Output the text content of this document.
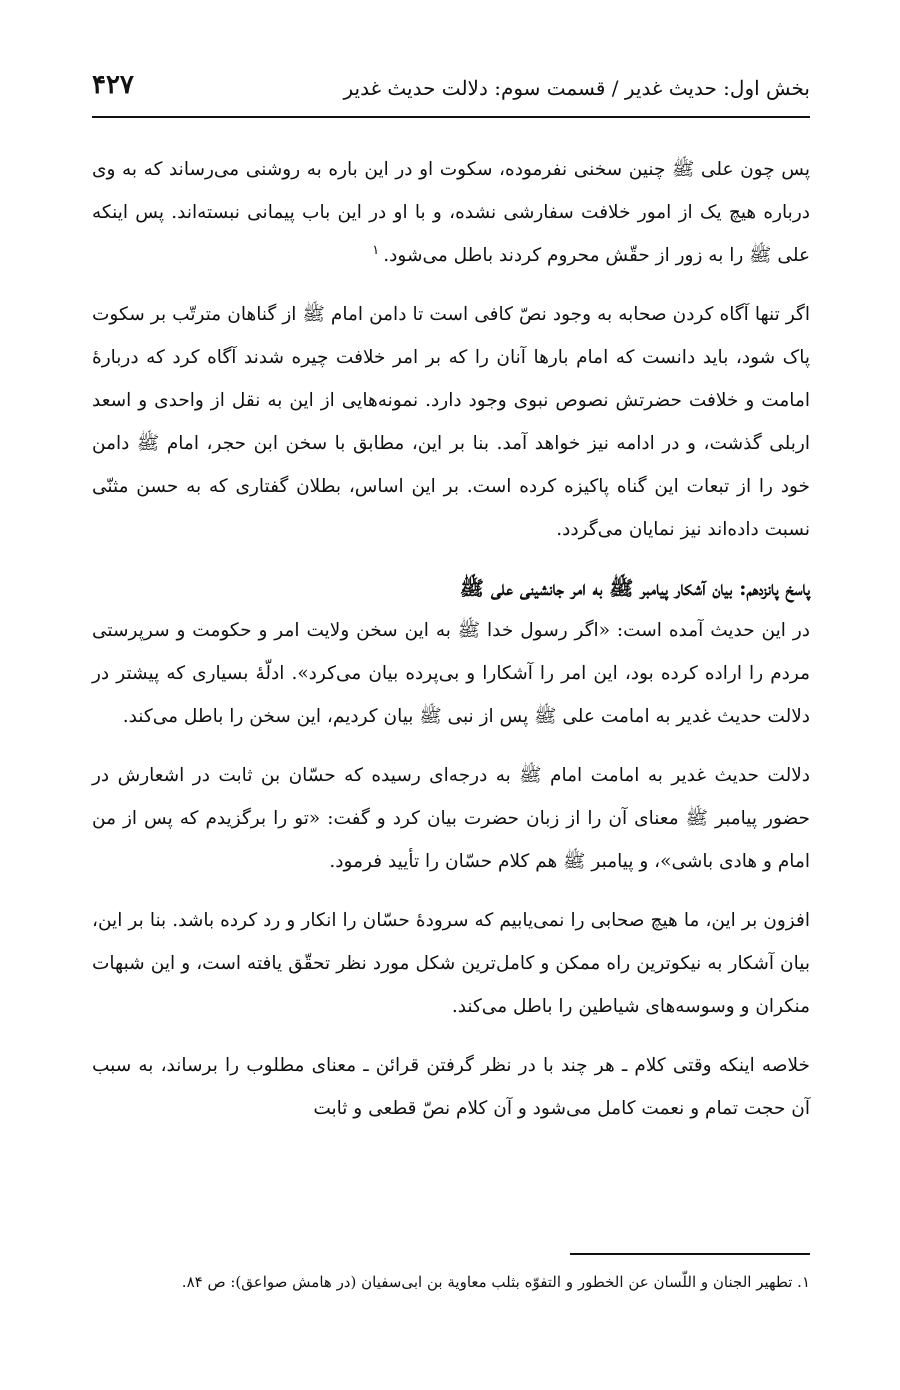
بخش اول: حدیث غدیر / قسمت سوم: دلالت حدیث غدیر
۴۲۷

پس چون علی ﷺ چنین سخنی نفرموده، سکوت او در این باره به روشنی می‌رساند که به وی درباره هیچ یک از امور خلافت سفارشی نشده، و با او در این باب پیمانی نبسته‌اند. پس اینکه علی ﷺ را به زور از حقّش محروم کردند باطل می‌شود.$^۱$

اگر تنها آگاه کردن صحابه به وجود نصّ کافی است تا دامن امام ﷺ از گناهان مترتّب بر سکوت پاک شود، باید دانست که امام بارها آنان را که بر امر خلافت چیره شدند آگاه کرد که دربارهٔ امامت و خلافت حضرتش نصوص نبوی وجود دارد. نمونه‌هایی از این به نقل از واحدی و اسعد اربلی گذشت، و در ادامه نیز خواهد آمد. بنا بر این، مطابق با سخن ابن حجر، امام ﷺ دامن خود را از تبعات این گناه پاکیزه کرده است. بر این اساس، بطلان گفتاری که به حسن مثنّی نسبت داده‌اند نیز نمایان می‌گردد.

پاسخ پانزدهم: بیان آشکار پیامبر ﷺ به امر جانشینی علی ﷺ

در این حدیث آمده است: «اگر رسول خدا ﷺ به این سخن ولایت امر و حکومت و سرپرستی مردم را اراده کرده بود، این امر را آشکارا و بی‌پرده بیان می‌کرد». ادلّهٔ بسیاری که پیشتر در دلالت حدیث غدیر به امامت علی ﷺ پس از نبی ﷺ بیان کردیم، این سخن را باطل می‌کند.

دلالت حدیث غدیر به امامت امام ﷺ به درجه‌ای رسیده که حسّان بن ثابت در اشعارش در حضور پیامبر ﷺ معنای آن را از زبان حضرت بیان کرد و گفت: «تو را برگزیدم که پس از من امام و هادی باشی»، و پیامبر ﷺ هم کلام حسّان را تأیید فرمود.

افزون بر این، ما هیچ صحابی را نمی‌یابیم که سرودهٔ حسّان را انکار و رد کرده باشد. بنا بر این، بیان آشکار به نیکوترین راه ممکن و کامل‌ترین شکل مورد نظر تحقّق یافته است، و این شبهات منکران و وسوسه‌های شیاطین را باطل می‌کند.

خلاصه اینکه وقتی کلام ـ هر چند با در نظر گرفتن قرائن ـ معنای مطلوب را برساند، به سبب آن حجت تمام و نعمت کامل می‌شود و آن کلام نصّ قطعی و ثابت

۱. تطهیر الجنان و اللّسان عن الخطور و التفوّه بثلب معاویة بن ابی‌سفیان (در هامش صواعق): ص ۸۴.
